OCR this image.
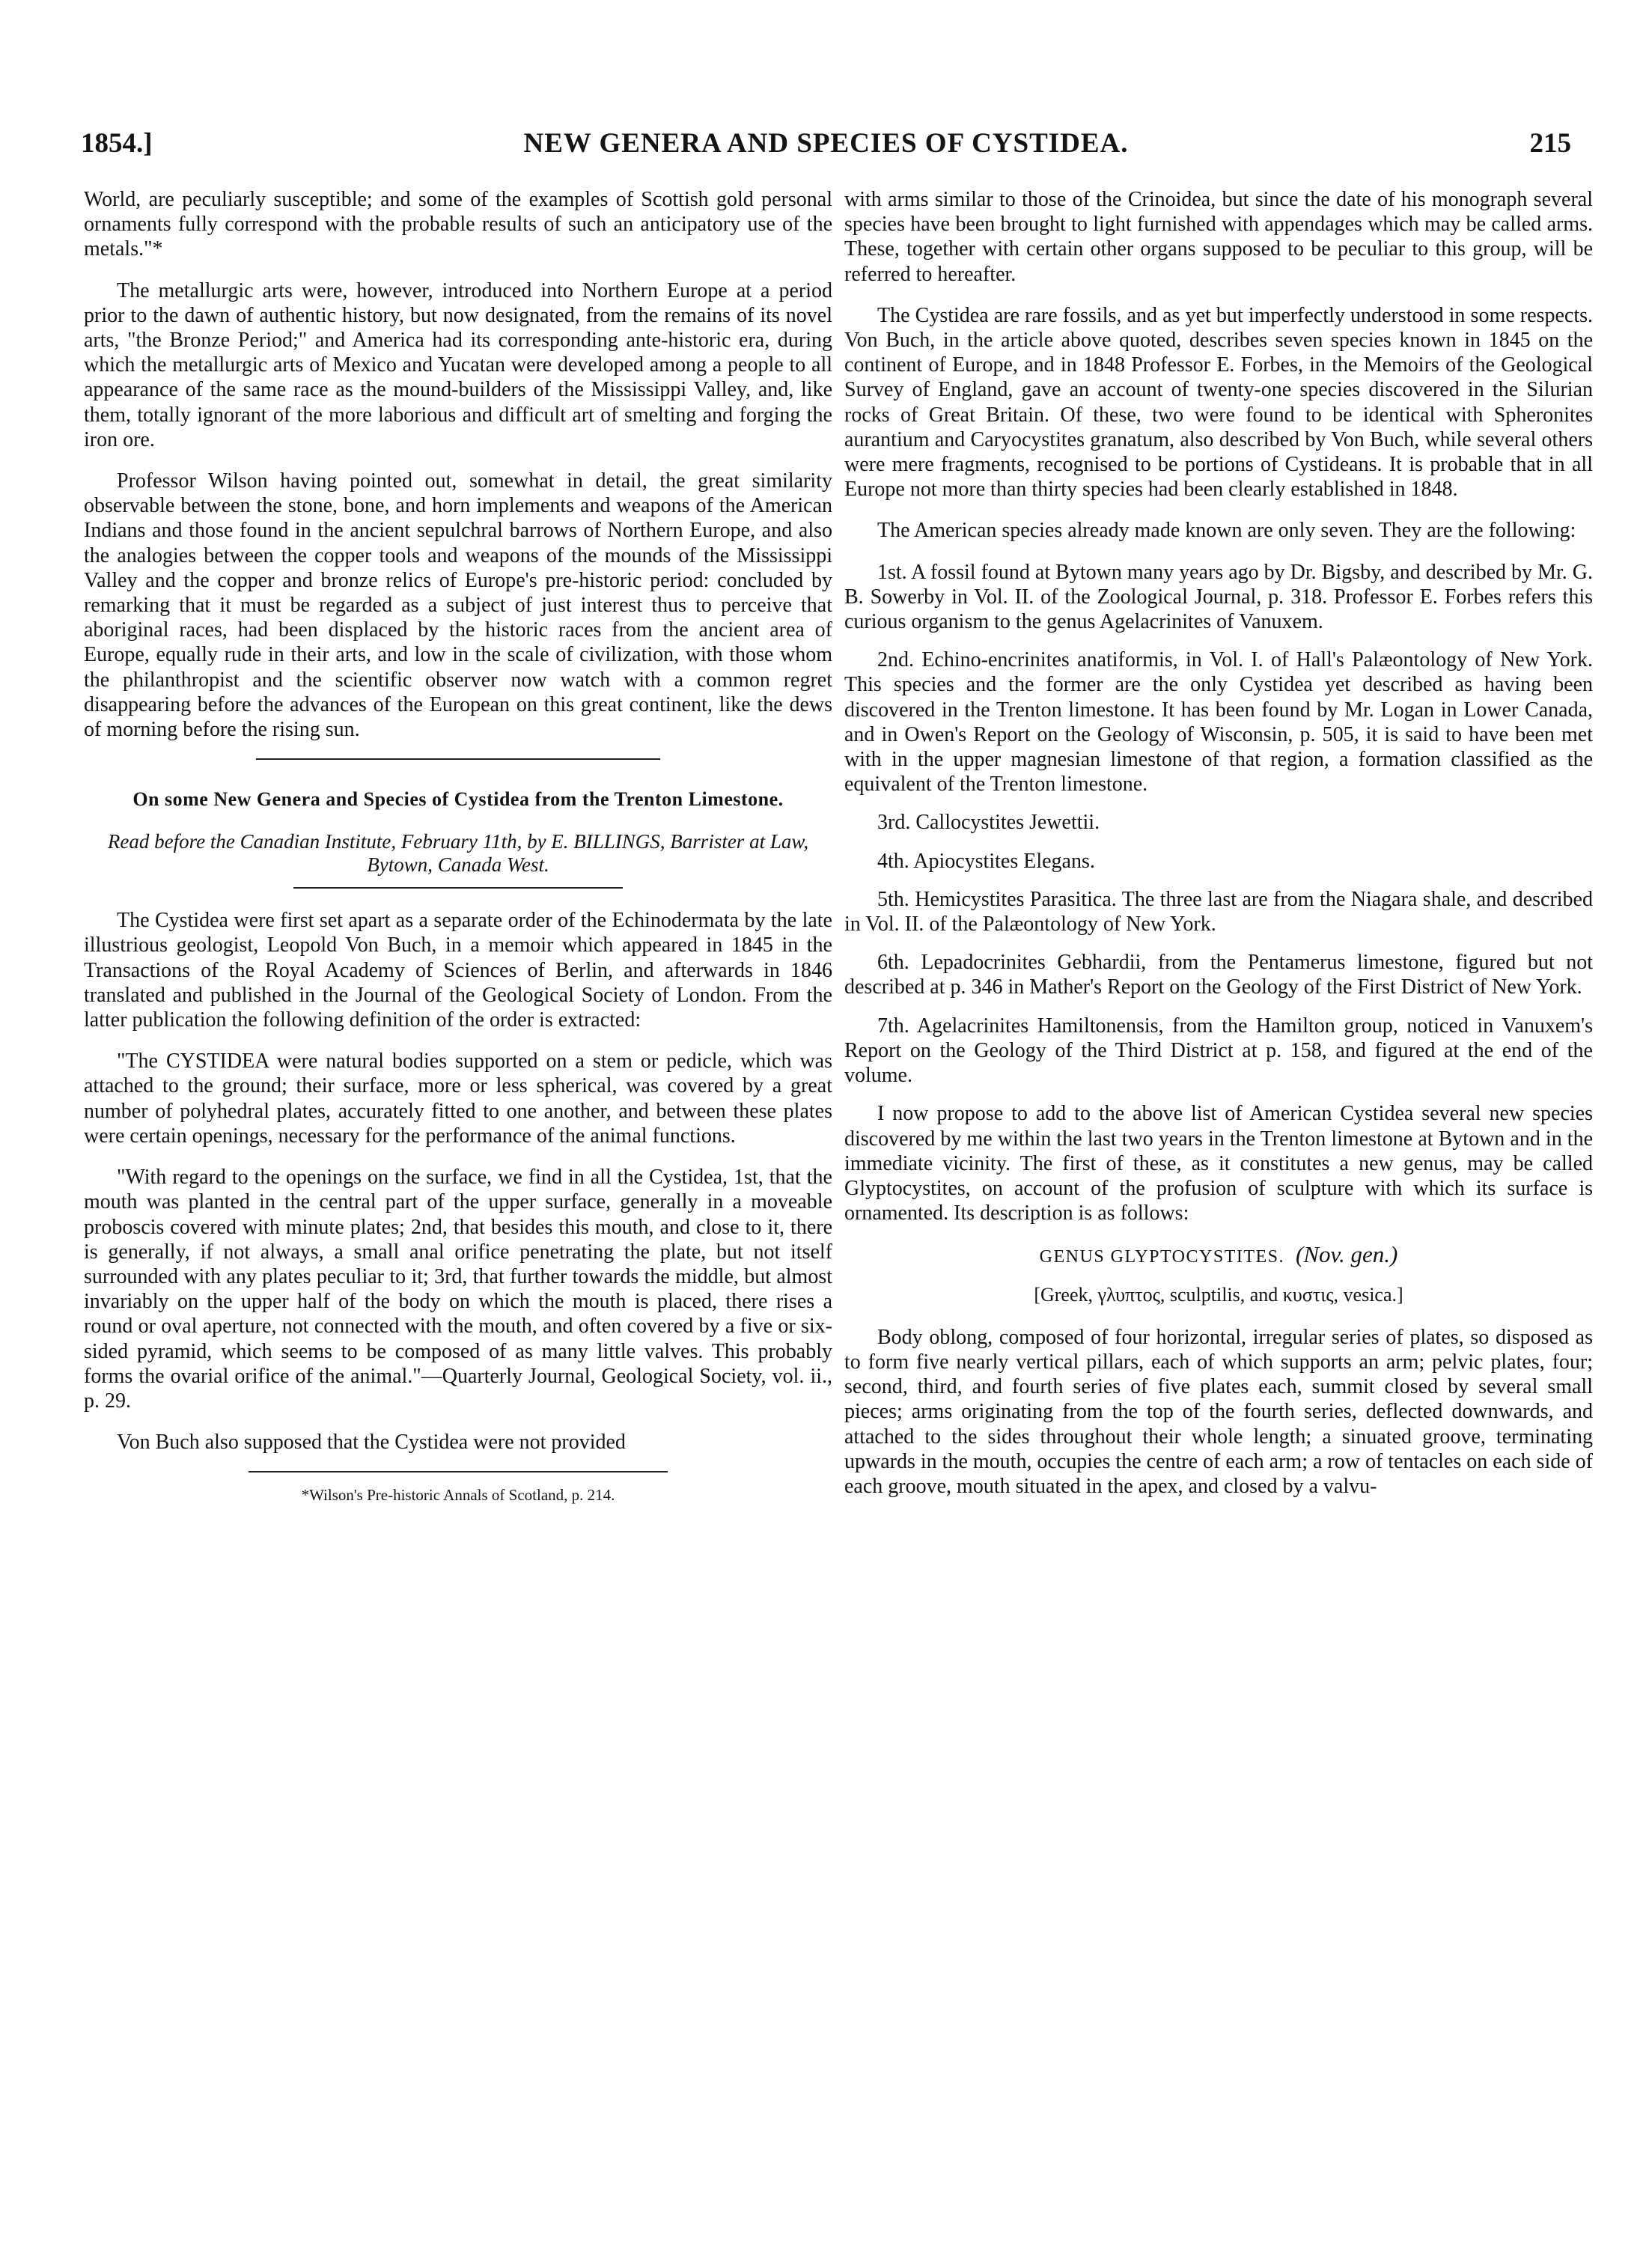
1854.]	NEW GENERA AND SPECIES OF CYSTIDEA.	215

World, are peculiarly susceptible; and some of the examples of Scottish gold personal ornaments fully correspond with the probable results of such an anticipatory use of the metals."*

The metallurgic arts were, however, introduced into Northern Europe at a period prior to the dawn of authentic history, but now designated, from the remains of its novel arts, "the Bronze Period;" and America had its corresponding ante-historic era, during which the metallurgic arts of Mexico and Yucatan were developed among a people to all appearance of the same race as the mound-builders of the Mississippi Valley, and, like them, totally ignorant of the more laborious and difficult art of smelting and forging the iron ore.

Professor Wilson having pointed out, somewhat in detail, the great similarity observable between the stone, bone, and horn implements and weapons of the American Indians and those found in the ancient sepulchral barrows of Northern Europe, and also the analogies between the copper tools and weapons of the mounds of the Mississippi Valley and the copper and bronze relics of Europe's pre-historic period: concluded by remarking that it must be regarded as a subject of just interest thus to perceive that aboriginal races, had been displaced by the historic races from the ancient area of Europe, equally rude in their arts, and low in the scale of civilization, with those whom the philanthropist and the scientific observer now watch with a common regret disappearing before the advances of the European on this great continent, like the dews of morning before the rising sun.

On some New Genera and Species of Cystidea from the Trenton Limestone.

Read before the Canadian Institute, February 11th, by E. BILLINGS, Barrister at Law, Bytown, Canada West.

The Cystidea were first set apart as a separate order of the Echinodermata by the late illustrious geologist, Leopold Von Buch, in a memoir which appeared in 1845 in the Transactions of the Royal Academy of Sciences of Berlin, and afterwards in 1846 translated and published in the Journal of the Geological Society of London. From the latter publication the following definition of the order is extracted:

"The CYSTIDEA were natural bodies supported on a stem or pedicle, which was attached to the ground; their surface, more or less spherical, was covered by a great number of polyhedral plates, accurately fitted to one another, and between these plates were certain openings, necessary for the performance of the animal functions.

"With regard to the openings on the surface, we find in all the Cystidea, 1st, that the mouth was planted in the central part of the upper surface, generally in a moveable proboscis covered with minute plates; 2nd, that besides this mouth, and close to it, there is generally, if not always, a small anal orifice penetrating the plate, but not itself surrounded with any plates peculiar to it; 3rd, that further towards the middle, but almost invariably on the upper half of the body on which the mouth is placed, there rises a round or oval aperture, not connected with the mouth, and often covered by a five or six-sided pyramid, which seems to be composed of as many little valves. This probably forms the ovarial orifice of the animal."—Quarterly Journal, Geological Society, vol. ii., p. 29.

Von Buch also supposed that the Cystidea were not provided

*Wilson's Pre-historic Annals of Scotland, p. 214.

with arms similar to those of the Crinoidea, but since the date of his monograph several species have been brought to light furnished with appendages which may be called arms. These, together with certain other organs supposed to be peculiar to this group, will be referred to hereafter.

The Cystidea are rare fossils, and as yet but imperfectly understood in some respects. Von Buch, in the article above quoted, describes seven species known in 1845 on the continent of Europe, and in 1848 Professor E. Forbes, in the Memoirs of the Geological Survey of England, gave an account of twenty-one species discovered in the Silurian rocks of Great Britain. Of these, two were found to be identical with Spheronites aurantium and Caryocystites granatum, also described by Von Buch, while several others were mere fragments, recognised to be portions of Cystideans. It is probable that in all Europe not more than thirty species had been clearly established in 1848.

The American species already made known are only seven. They are the following:

1st. A fossil found at Bytown many years ago by Dr. Bigsby, and described by Mr. G. B. Sowerby in Vol. II. of the Zoological Journal, p. 318. Professor E. Forbes refers this curious organism to the genus Agelacrinites of Vanuxem.

2nd. Echino-encrinites anatiformis, in Vol. I. of Hall's Palæontology of New York. This species and the former are the only Cystidea yet described as having been discovered in the Trenton limestone. It has been found by Mr. Logan in Lower Canada, and in Owen's Report on the Geology of Wisconsin, p. 505, it is said to have been met with in the upper magnesian limestone of that region, a formation classified as the equivalent of the Trenton limestone.

3rd. Callocystites Jewettii.

4th. Apiocystites Elegans.

5th. Hemicystites Parasitica. The three last are from the Niagara shale, and described in Vol. II. of the Palæontology of New York.

6th. Lepadocrinites Gebhardii, from the Pentamerus limestone, figured but not described at p. 346 in Mather's Report on the Geology of the First District of New York.

7th. Agelacrinites Hamiltonensis, from the Hamilton group, noticed in Vanuxem's Report on the Geology of the Third District at p. 158, and figured at the end of the volume.

I now propose to add to the above list of American Cystidea several new species discovered by me within the last two years in the Trenton limestone at Bytown and in the immediate vicinity. The first of these, as it constitutes a new genus, may be called Glyptocystites, on account of the profusion of sculpture with which its surface is ornamented. Its description is as follows:

GENUS GLYPTOCYSTITES. (Nov. gen.)

[Greek, γλυπτος, sculptilis, and κυστις, vesica.]

Body oblong, composed of four horizontal, irregular series of plates, so disposed as to form five nearly vertical pillars, each of which supports an arm; pelvic plates, four; second, third, and fourth series of five plates each, summit closed by several small pieces; arms originating from the top of the fourth series, deflected downwards, and attached to the sides throughout their whole length; a sinuated groove, terminating upwards in the mouth, occupies the centre of each arm; a row of tentacles on each side of each groove, mouth situated in the apex, and closed by a valvu-
